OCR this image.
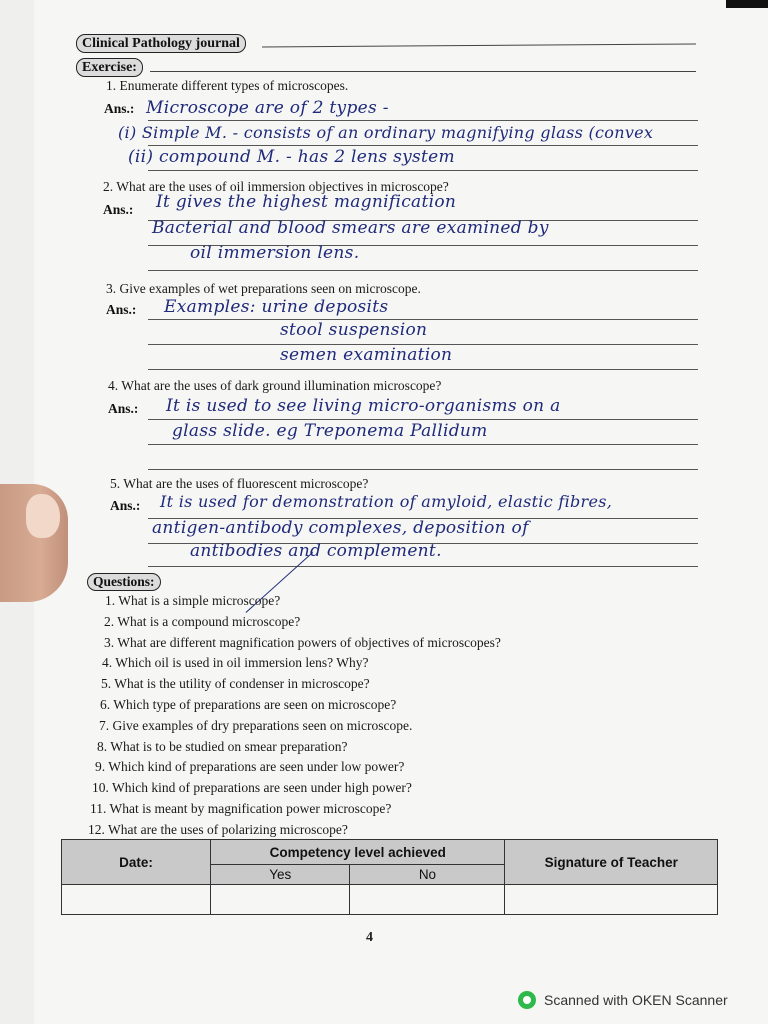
Clinical Pathology journal
Exercise:
1. Enumerate different types of microscopes.
Ans.: Microscope are of 2 types -
(i) Simple M. - consists of an ordinary magnifying glass (convex
(ii) compound M. - has 2 lens system
2. What are the uses of oil immersion objectives in microscope?
Ans.: It gives the highest magnification
Bacterial and blood smears are examined by
oil immersion lens.
3. Give examples of wet preparations seen on microscope.
Ans.: Examples: urine deposits
stool suspension
semen examination
4. What are the uses of dark ground illumination microscope?
Ans.: It is used to see living micro-organisms on a
glass slide. eg Treponema Pallidum
5. What are the uses of fluorescent microscope?
Ans.: It is used for demonstration of amyloid, elastic fibres,
antigen-antibody complexes, deposition of
antibodies and complement.
Questions:
1. What is a simple microscope?
2. What is a compound microscope?
3. What are different magnification powers of objectives of microscopes?
4. Which oil is used in oil immersion lens? Why?
5. What is the utility of condenser in microscope?
6. Which type of preparations are seen on microscope?
7. Give examples of dry preparations seen on microscope.
8. What is to be studied on smear preparation?
9. Which kind of preparations are seen under low power?
10. Which kind of preparations are seen under high power?
11. What is meant by magnification power microscope?
12. What are the uses of polarizing microscope?
Date:	Competency level achieved		Signature of Teacher
	Yes	No	

4
Scanned with OKEN Scanner
